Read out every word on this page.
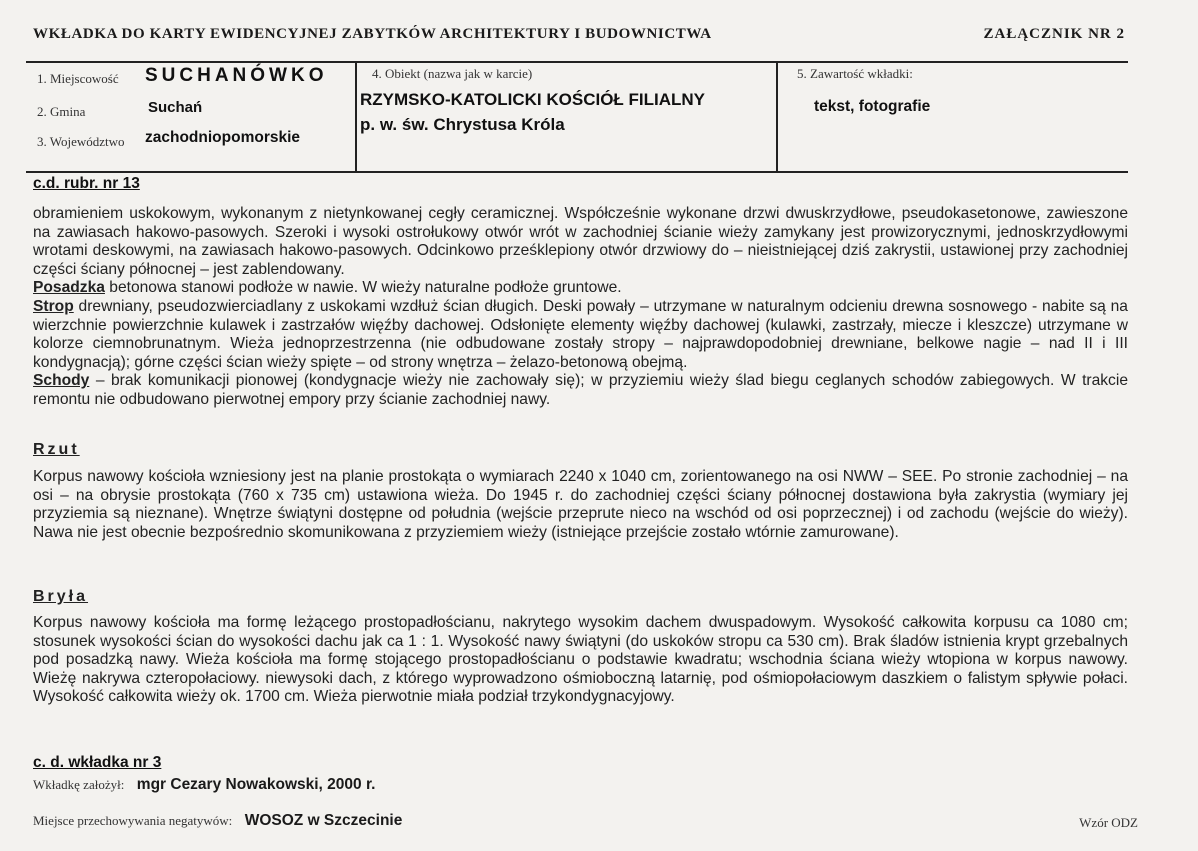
WKŁADKA DO KARTY EWIDENCYJNEJ ZABYTKÓW ARCHITEKTURY I BUDOWNICTWA	ZAŁĄCZNIK NR 2
1. Miejscowość SUCHANÓWKO
2. Gmina	Suchań
3. Województwo zachodniopomorskie
4. Obiekt (nazwa jak w karcie)
RZYMSKO-KATOLICKI KOŚCIÓŁ FILIALNY
p. w. św. Chrystusa Króla
5. Zawartość wkładki:
tekst, fotografie
c.d. rubr. nr 13

obramieniem uskokowym, wykonanym z nietynkowanej cegły ceramicznej. Współcześnie wykonane drzwi dwuskrzydłowe, pseudokasetonowe, zawieszone na zawiasach hakowo-pasowych. Szeroki i wysoki ostrołukowy otwór wrót w zachodniej ścianie wieży zamykany jest prowizorycznymi, jednoskrzydłowymi wrotami deskowymi, na zawiasach hakowo-pasowych. Odcinkowo prześklepiony otwór drzwiowy do – nieistniejącej dziś zakrystii, ustawionej przy zachodniej części ściany północnej – jest zablendowany.

Posadzka betonowa stanowi podłoże w nawie. W wieży naturalne podłoże gruntowe.

Strop drewniany, pseudozwierciadlany z uskokami wzdłuż ścian długich. Deski powały – utrzymane w naturalnym odcieniu drewna sosnowego - nabite są na wierzchnie powierzchnie kulawek i zastrzałów więźby dachowej. Odsłonięte elementy więźby dachowej (kulawki, zastrzały, miecze i kleszcze) utrzymane w kolorze ciemnobrunatnym. Wieża jednoprzestrzenna (nie odbudowane zostały stropy – najprawdopodobniej drewniane, belkowe nagie – nad II i III kondygnacją); górne części ścian wieży spięte – od strony wnętrza – żelazo-betonową obejmą.

Schody – brak komunikacji pionowej (kondygnacje wieży nie zachowały się); w przyziemiu wieży ślad biegu ceglanych schodów zabiegowych. W trakcie remontu nie odbudowano pierwotnej empory przy ścianie zachodniej nawy.

Rzut

Korpus nawowy kościoła wzniesiony jest na planie prostokąta o wymiarach 2240 x 1040 cm, zorientowanego na osi NWW – SEE. Po stronie zachodniej – na osi – na obrysie prostokąta (760 x 735 cm) ustawiona wieża. Do 1945 r. do zachodniej części ściany północnej dostawiona była zakrystia (wymiary jej przyziemia są nieznane). Wnętrze świątyni dostępne od południa (wejście przeprute nieco na wschód od osi poprzecznej) i od zachodu (wejście do wieży). Nawa nie jest obecnie bezpośrednio skomunikowana z przyziemiem wieży (istniejące przejście zostało wtórnie zamurowane).

Bryła

Korpus nawowy kościoła ma formę leżącego prostopadłościanu, nakrytego wysokim dachem dwuspadowym. Wysokość całkowita korpusu ca 1080 cm; stosunek wysokości ścian do wysokości dachu jak ca 1 : 1. Wysokość nawy świątyni (do uskoków stropu ca 530 cm). Brak śladów istnienia krypt grzebalnych pod posadzką nawy. Wieża kościoła ma formę stojącego prostopadłościanu o podstawie kwadratu; wschodnia ściana wieży wtopiona w korpus nawowy. Wieżę nakrywa czteropołaciowy. niewysoki dach, z którego wyprowadzono ośmioboczną latarnię, pod ośmiopołaciowym daszkiem o falistym spływie połaci. Wysokość całkowita wieży ok. 1700 cm. Wieża pierwotnie miała podział trzykondygnacyjowy.

c. d. wkładka nr 3
Wkładkę założył: mgr Cezary Nowakowski, 2000 r.
Miejsce przechowywania negatywów: WOSOZ w Szczecinie	Wzór ODZ
